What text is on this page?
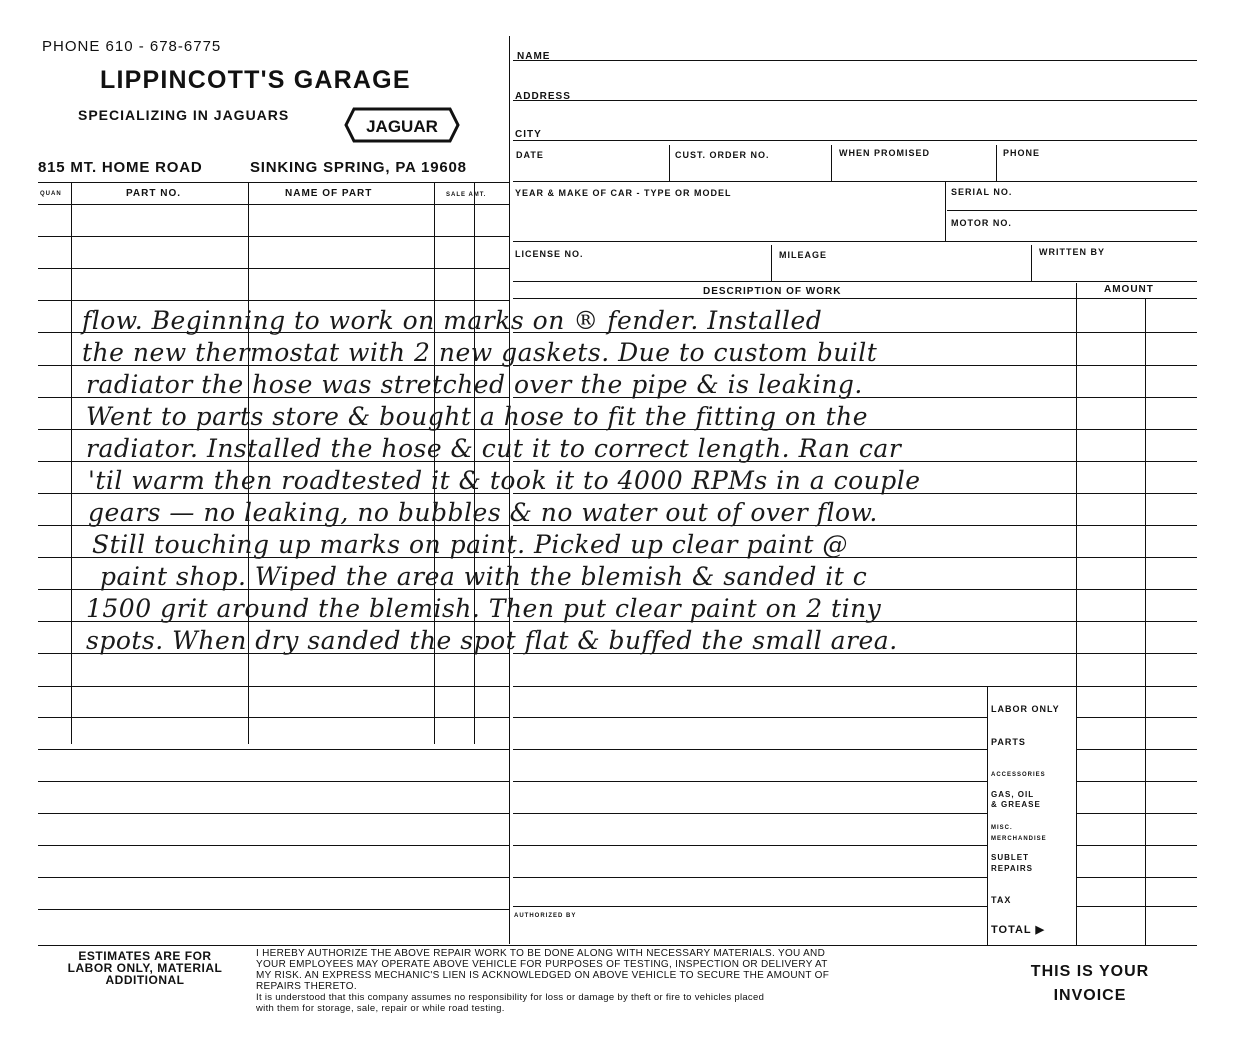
PHONE 610 - 678-6775
LIPPINCOTT'S GARAGE
SPECIALIZING IN JAGUARS
JAGUAR
815 MT. HOME ROAD	SINKING SPRING, PA 19608
QUAN	PART NO.	NAME OF PART	SALE AMT.
NAME
ADDRESS
CITY
DATE	CUST. ORDER NO.	WHEN PROMISED	PHONE
YEAR & MAKE OF CAR - TYPE OR MODEL	SERIAL NO.
MOTOR NO.
LICENSE NO.	MILEAGE	WRITTEN BY
DESCRIPTION OF WORK	AMOUNT
flow. Beginning to work on marks on ® fender. Installed
the new thermostat with 2 new gaskets. Due to custom built
radiator the hose was stretched over the pipe & is leaking.
Went to parts store & bought a hose to fit the fitting on the
radiator. Installed the hose & cut it to correct length. Ran car
'til warm then roadtested it & took it to 4000 RPMs in a couple
gears — no leaking, no bubbles & no water out of over flow.
Still touching up marks on paint. Picked up clear paint @
paint shop. Wiped the area with the blemish & sanded it c
1500 grit around the blemish. Then put clear paint on 2 tiny
spots. When dry sanded the spot flat & buffed the small area.
LABOR ONLY
PARTS
ACCESSORIES
GAS, OIL
& GREASE
MISC.
MERCHANDISE
SUBLET
REPAIRS
TAX
TOTAL ▶
AUTHORIZED BY
ESTIMATES ARE FOR
LABOR ONLY, MATERIAL
ADDITIONAL
I HEREBY AUTHORIZE THE ABOVE REPAIR WORK TO BE DONE ALONG WITH NECESSARY MATERIALS. YOU AND
YOUR EMPLOYEES MAY OPERATE ABOVE VEHICLE FOR PURPOSES OF TESTING, INSPECTION OR DELIVERY AT
MY RISK. AN EXPRESS MECHANIC'S LIEN IS ACKNOWLEDGED ON ABOVE VEHICLE TO SECURE THE AMOUNT OF
REPAIRS THERETO.
It is understood that this company assumes no responsibility for loss or damage by theft or fire to vehicles placed
with them for storage, sale, repair or while road testing.
THIS IS YOUR
INVOICE
